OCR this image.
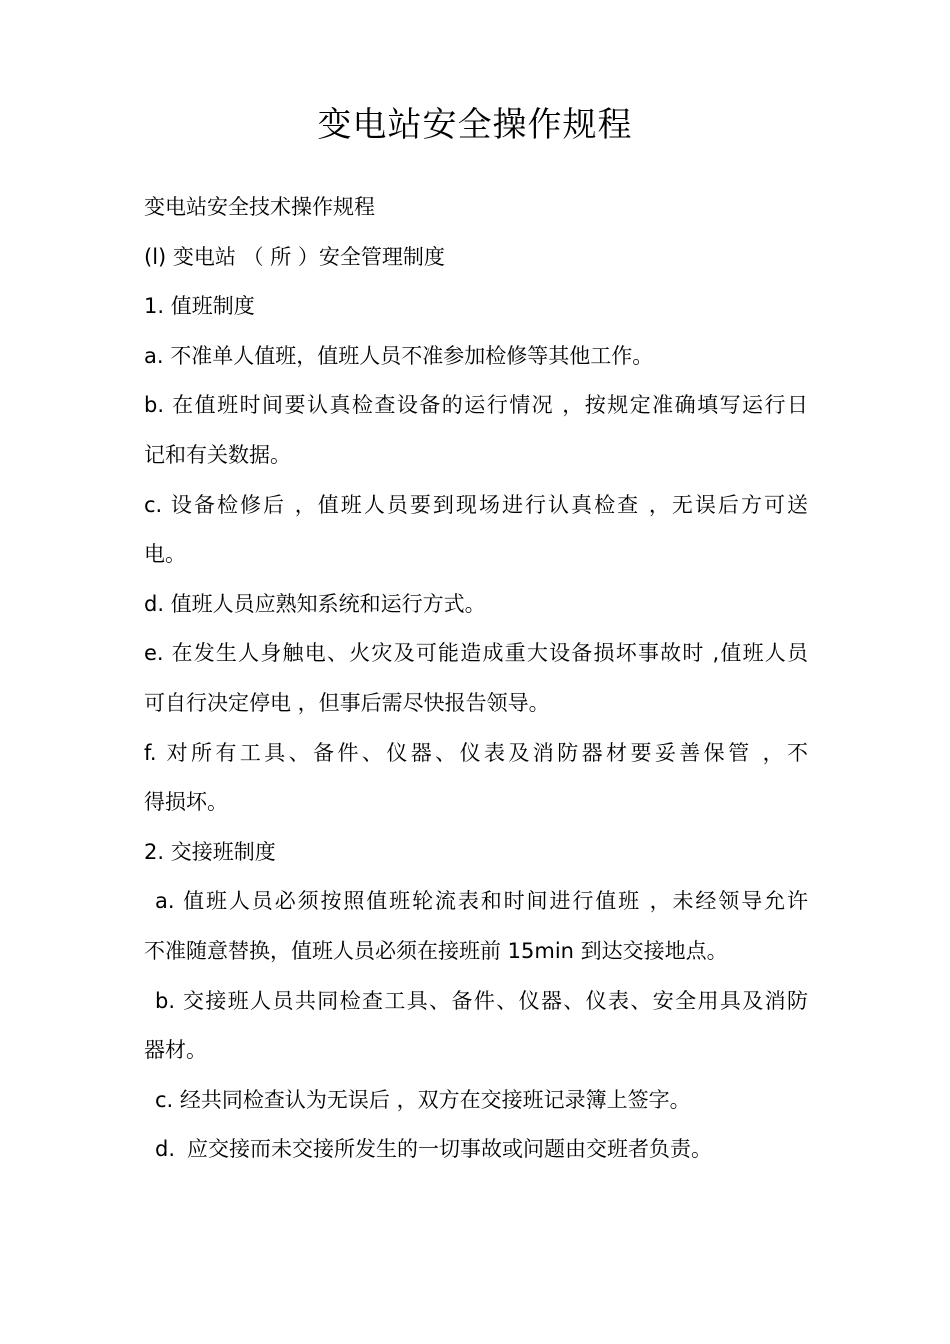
变电站安全操作规程

变电站安全技术操作规程

(l) 变电站 （ 所 ）安全管理制度

1. 值班制度

a. 不准单人值班，值班人员不准参加检修等其他工作。

b. 在值班时间要认真检查设备的运行情况 ，按规定准确填写运行日

记和有关数据。

c. 设备检修后 ，值班人员要到现场进行认真检查 ，无误后方可送

电。

d. 值班人员应熟知系统和运行方式。

e. 在发生人身触电、火灾及可能造成重大设备损坏事故时 ,值班人员

可自行决定停电 ，但事后需尽快报告领导。

f. 对所有工具、备件、仪器、仪表及消防器材要妥善保管 ，不

得损坏。

2. 交接班制度

a. 值班人员必须按照值班轮流表和时间进行值班 ，未经领导允许

不准随意替换，值班人员必须在接班前 15min 到达交接地点。

b. 交接班人员共同检查工具、备件、仪器、仪表、安全用具及消防

器材。

c. 经共同检查认为无误后 ，双方在交接班记录簿上签字。

d. 应交接而未交接所发生的一切事故或问题由交班者负责。
